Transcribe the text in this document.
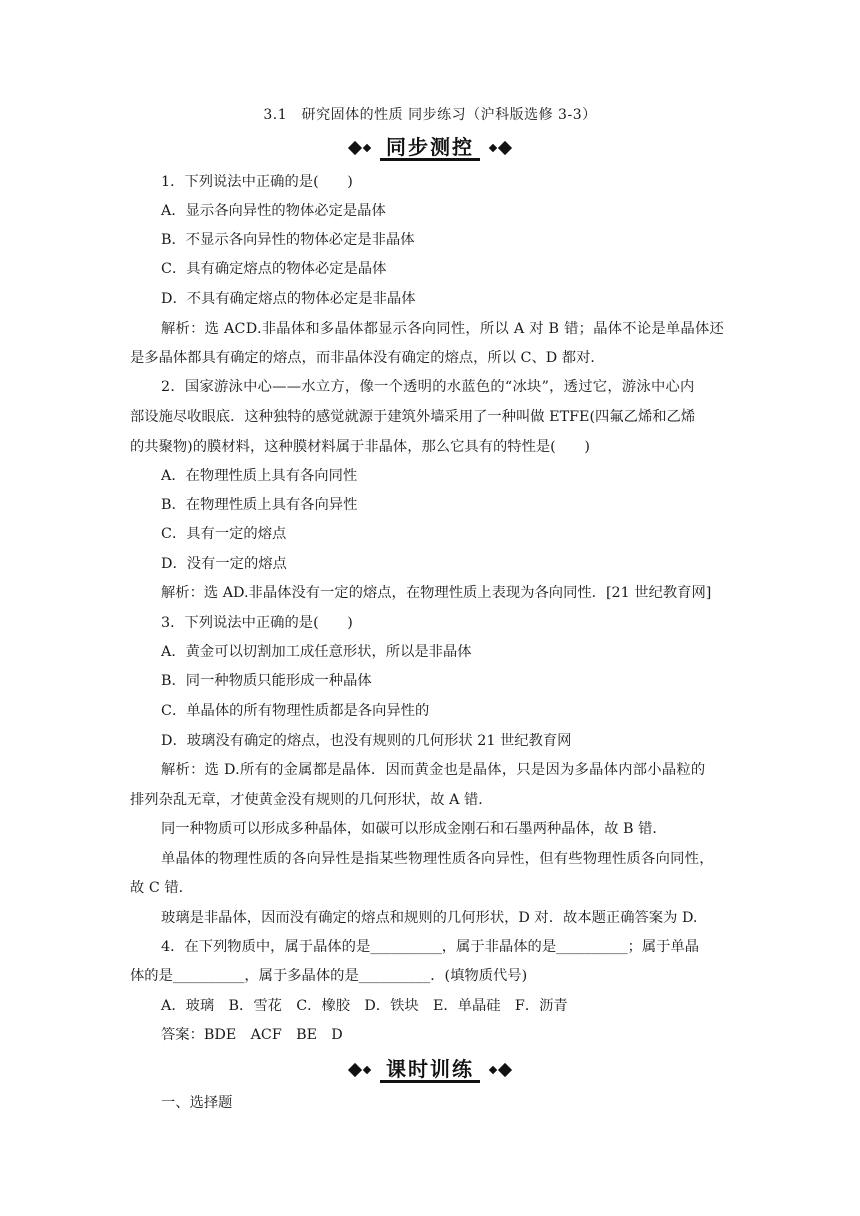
3.1　研究固体的性质 同步练习（沪科版选修 3-3）
同步测控
1．下列说法中正确的是(　　)
A．显示各向异性的物体必定是晶体
B．不显示各向异性的物体必定是非晶体
C．具有确定熔点的物体必定是晶体
D．不具有确定熔点的物体必定是非晶体
解析：选 ACD.非晶体和多晶体都显示各向同性，所以 A 对 B 错；晶体不论是单晶体还
是多晶体都具有确定的熔点，而非晶体没有确定的熔点，所以 C、D 都对．
2．国家游泳中心——水立方，像一个透明的水蓝色的“冰块”，透过它，游泳中心内
部设施尽收眼底．这种独特的感觉就源于建筑外墙采用了一种叫做 ETFE(四氟乙烯和乙烯
的共聚物)的膜材料，这种膜材料属于非晶体，那么它具有的特性是(　　)
A．在物理性质上具有各向同性
B．在物理性质上具有各向异性
C．具有一定的熔点
D．没有一定的熔点
解析：选 AD.非晶体没有一定的熔点，在物理性质上表现为各向同性．[21 世纪教育网]
3．下列说法中正确的是(　　)
A．黄金可以切割加工成任意形状，所以是非晶体
B．同一种物质只能形成一种晶体
C．单晶体的所有物理性质都是各向异性的
D．玻璃没有确定的熔点，也没有规则的几何形状 21 世纪教育网
解析：选 D.所有的金属都是晶体．因而黄金也是晶体，只是因为多晶体内部小晶粒的
排列杂乱无章，才使黄金没有规则的几何形状，故 A 错．
同一种物质可以形成多种晶体，如碳可以形成金刚石和石墨两种晶体，故 B 错．
单晶体的物理性质的各向异性是指某些物理性质各向异性，但有些物理性质各向同性，
故 C 错．
玻璃是非晶体，因而没有确定的熔点和规则的几何形状，D 对．故本题正确答案为 D.
4．在下列物质中，属于晶体的是__________，属于非晶体的是__________；属于单晶
体的是__________，属于多晶体的是__________．(填物质代号)
A．玻璃　B．雪花　C．橡胶　D．铁块　E．单晶硅　F．沥青
答案：BDE　ACF　BE　D
课时训练
一、选择题
